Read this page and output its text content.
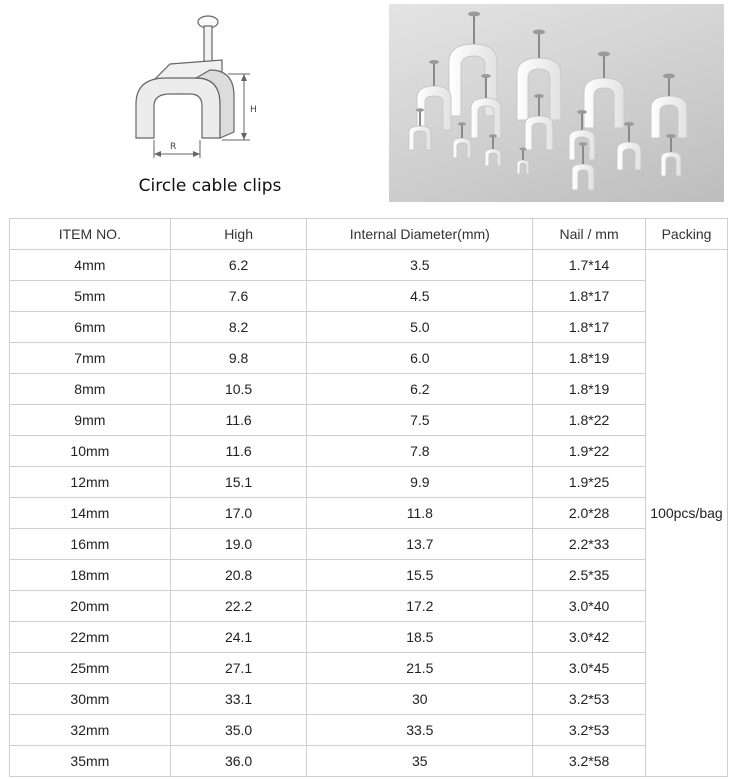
H
R
Circle cable clips
ITEM NO.	High	Internal Diameter(mm)	Nail / mm	Packing
4mm	6.2	3.5	1.7*14	100pcs/bag
5mm	7.6	4.5	1.8*17	
6mm	8.2	5.0	1.8*17	
7mm	9.8	6.0	1.8*19	
8mm	10.5	6.2	1.8*19	
9mm	11.6	7.5	1.8*22	
10mm	11.6	7.8	1.9*22	
12mm	15.1	9.9	1.9*25	
14mm	17.0	11.8	2.0*28	
16mm	19.0	13.7	2.2*33	
18mm	20.8	15.5	2.5*35	
20mm	22.2	17.2	3.0*40	
22mm	24.1	18.5	3.0*42	
25mm	27.1	21.5	3.0*45	
30mm	33.1	30	3.2*53	
32mm	35.0	33.5	3.2*53	
35mm	36.0	35	3.2*58	
